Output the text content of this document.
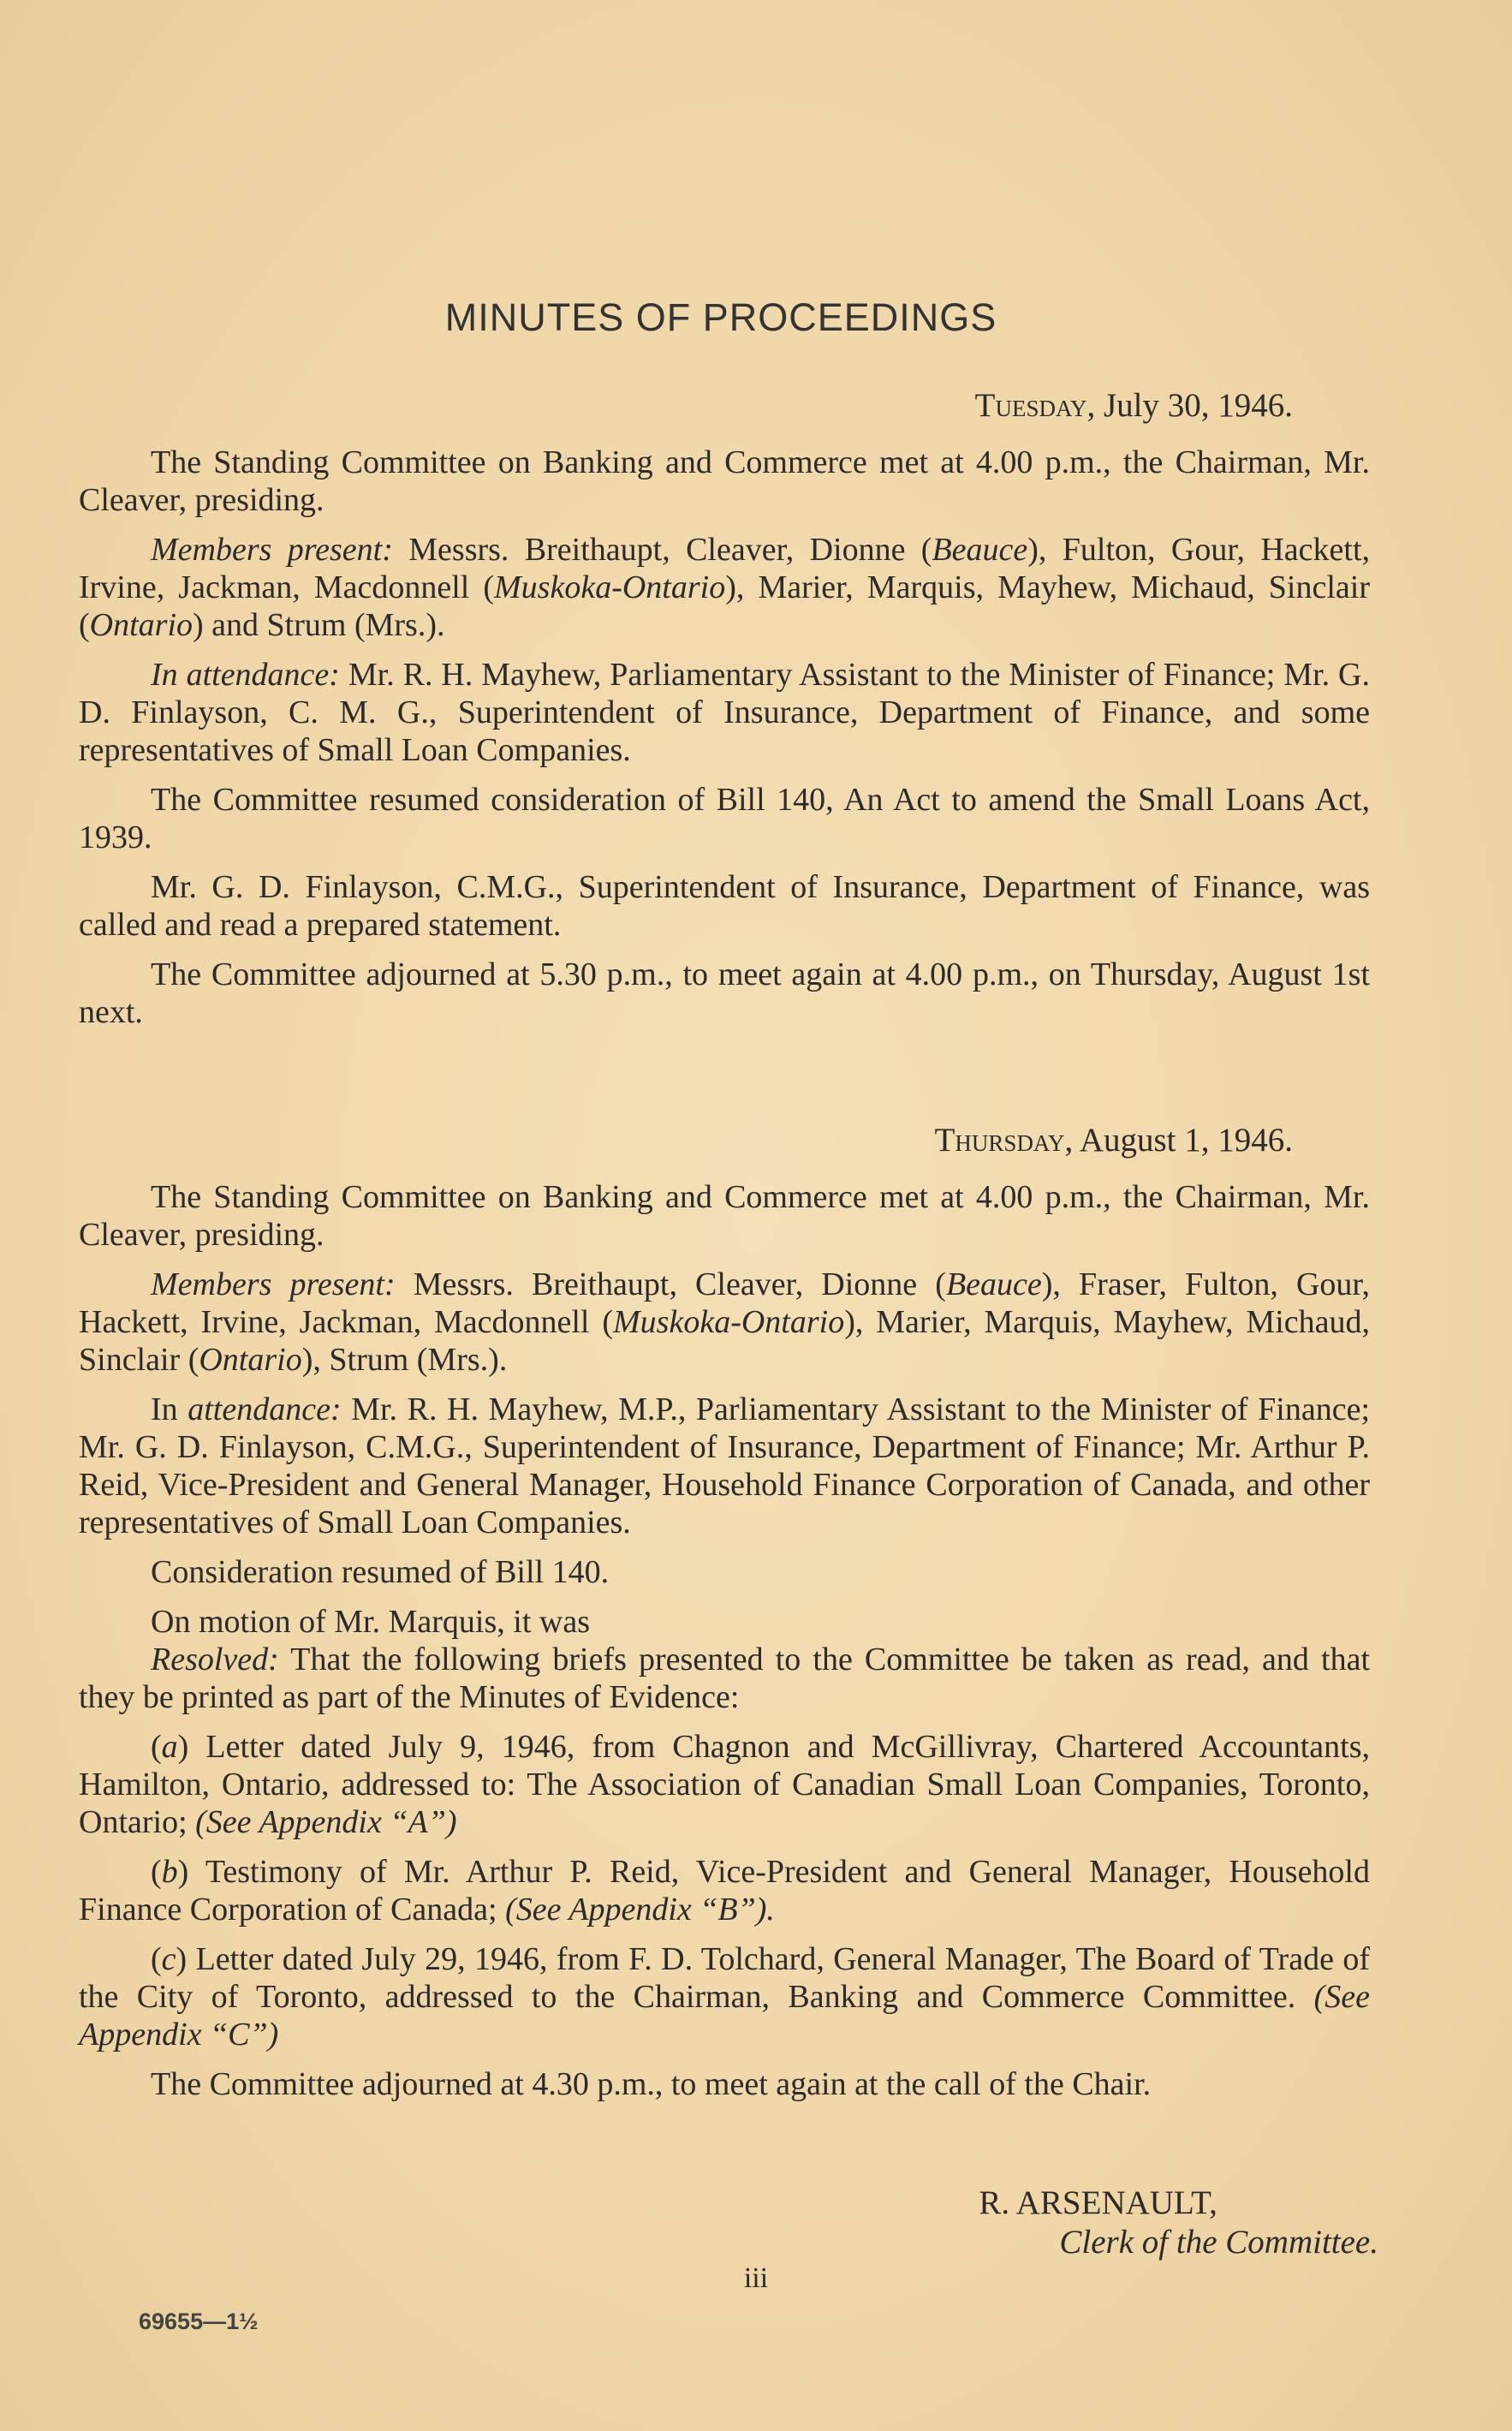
MINUTES OF PROCEEDINGS
Tuesday, July 30, 1946.

The Standing Committee on Banking and Commerce met at 4.00 p.m., the Chairman, Mr. Cleaver, presiding.

Members present: Messrs. Breithaupt, Cleaver, Dionne (Beauce), Fulton, Gour, Hackett, Irvine, Jackman, Macdonnell (Muskoka-Ontario), Marier, Marquis, Mayhew, Michaud, Sinclair (Ontario) and Strum (Mrs.).

In attendance: Mr. R. H. Mayhew, Parliamentary Assistant to the Minister of Finance; Mr. G. D. Finlayson, C. M. G., Superintendent of Insurance, Department of Finance, and some representatives of Small Loan Companies.

The Committee resumed consideration of Bill 140, An Act to amend the Small Loans Act, 1939.

Mr. G. D. Finlayson, C.M.G., Superintendent of Insurance, Department of Finance, was called and read a prepared statement.

The Committee adjourned at 5.30 p.m., to meet again at 4.00 p.m., on Thursday, August 1st next.

Thursday, August 1, 1946.

The Standing Committee on Banking and Commerce met at 4.00 p.m., the Chairman, Mr. Cleaver, presiding.

Members present: Messrs. Breithaupt, Cleaver, Dionne (Beauce), Fraser, Fulton, Gour, Hackett, Irvine, Jackman, Macdonnell (Muskoka-Ontario), Marier, Marquis, Mayhew, Michaud, Sinclair (Ontario), Strum (Mrs.).

In attendance: Mr. R. H. Mayhew, M.P., Parliamentary Assistant to the Minister of Finance; Mr. G. D. Finlayson, C.M.G., Superintendent of Insurance, Department of Finance; Mr. Arthur P. Reid, Vice-President and General Manager, Household Finance Corporation of Canada, and other representatives of Small Loan Companies.

Consideration resumed of Bill 140.

On motion of Mr. Marquis, it was

Resolved: That the following briefs presented to the Committee be taken as read, and that they be printed as part of the Minutes of Evidence:

(a) Letter dated July 9, 1946, from Chagnon and McGillivray, Chartered Accountants, Hamilton, Ontario, addressed to: The Association of Canadian Small Loan Companies, Toronto, Ontario; (See Appendix “A”)

(b) Testimony of Mr. Arthur P. Reid, Vice-President and General Manager, Household Finance Corporation of Canada; (See Appendix “B”).

(c) Letter dated July 29, 1946, from F. D. Tolchard, General Manager, The Board of Trade of the City of Toronto, addressed to the Chairman, Banking and Commerce Committee. (See Appendix “C”)

The Committee adjourned at 4.30 p.m., to meet again at the call of the Chair.

R. ARSENAULT,
Clerk of the Committee.
iii
69655—1½
